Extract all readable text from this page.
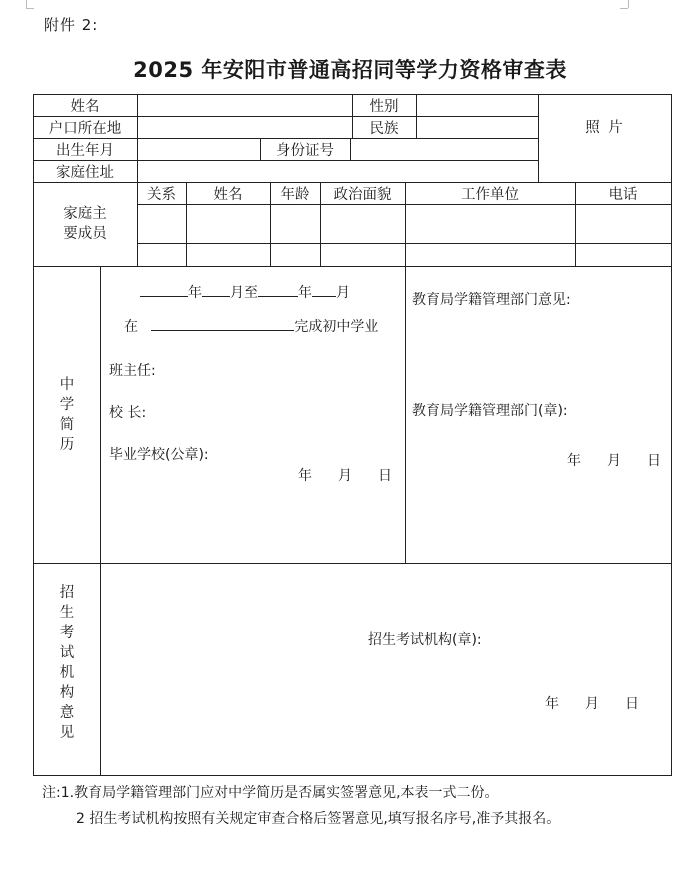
附件 2:
2025 年安阳市普通高招同等学力资格审查表
姓名	性别
户口所在地	民族
出生年月	身份证号
家庭住址
照 片
家庭主要成员
关系	姓名	年龄	政治面貌	工作单位	电话
中学简历
年 月至	年 月
在	完成初中学业
班主任:
校 长:
毕业学校(公章):
年 月 日
教育局学籍管理部门意见:
教育局学籍管理部门(章):
年 月 日
招生考试机构意见
招生考试机构(章):
年 月 日
注:1.教育局学籍管理部门应对中学简历是否属实签署意见,本表一式二份。
2 招生考试机构按照有关规定审查合格后签署意见,填写报名序号,准予其报名。
